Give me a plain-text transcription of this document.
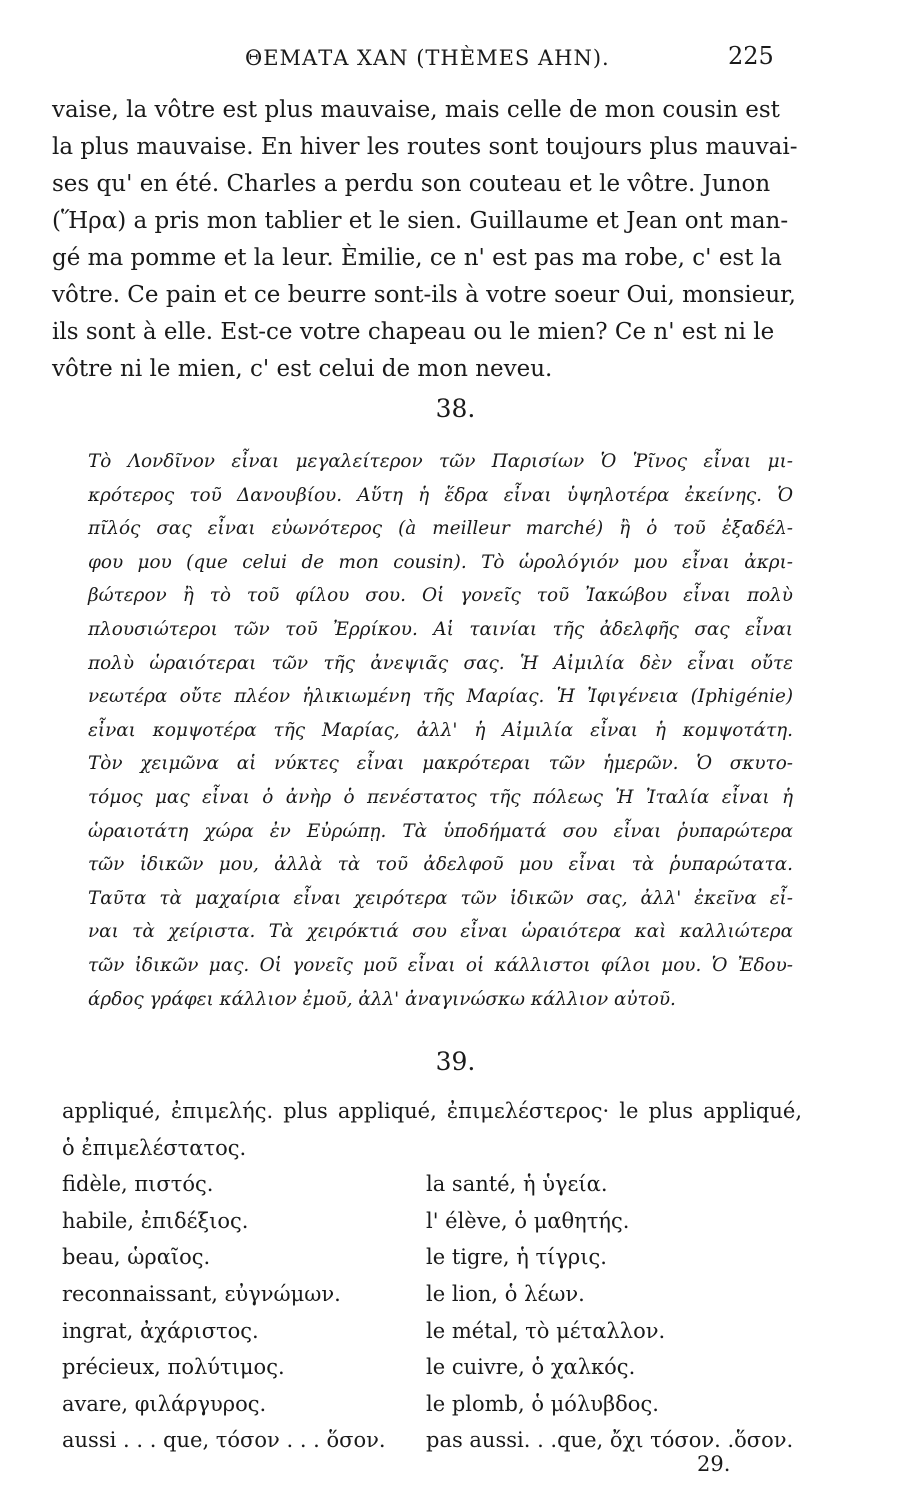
ΘΕΜΑΤΑ ΧΑΝ (THÈMES AHN).	225
vaise, la vôtre est plus mauvaise, mais celle de mon cousin est
la plus mauvaise. En hiver les routes sont toujours plus mauvai-
ses qu' en été. Charles a perdu son couteau et le vôtre. Junon
(Ἥρα) a pris mon tablier et le sien. Guillaume et Jean ont man-
gé ma pomme et la leur. Èmilie, ce n' est pas ma robe, c' est la
vôtre. Ce pain et ce beurre sont-ils à votre soeur Oui, monsieur,
ils sont à elle. Est-ce votre chapeau ou le mien? Ce n' est ni le
vôtre ni le mien, c' est celui de mon neveu.
38.
Τὸ Λονδῖνον εἶναι μεγαλείτερον τῶν Παρισίων Ὁ Ῥῖνος εἶναι μι-
κρότερος τοῦ Δανουβίου. Αὕτη ἡ ἕδρα εἶναι ὑψηλοτέρα ἐκείνης. Ὁ
πῖλός σας εἶναι εὐωνότερος (à meilleur marché) ἢ ὁ τοῦ ἐξαδέλ-
φου μου (que celui de mon cousin). Τὸ ὡρολόγιόν μου εἶναι ἀκρι-
βώτερον ἢ τὸ τοῦ φίλου σου. Οἱ γονεῖς τοῦ Ἰακώβου εἶναι πολὺ
πλουσιώτεροι τῶν τοῦ Ἐρρίκου. Αἱ ταινίαι τῆς ἀδελφῆς σας εἶναι
πολὺ ὡραιότεραι τῶν τῆς ἀνεψιᾶς σας. Ἡ Αἰμιλία δὲν εἶναι οὔτε
νεωτέρα οὔτε πλέον ἡλικιωμένη τῆς Μαρίας. Ἡ Ἰφιγένεια (Iphigénie)
εἶναι κομψοτέρα τῆς Μαρίας, ἀλλ' ἡ Αἰμιλία εἶναι ἡ κομψοτάτη.
Τὸν χειμῶνα αἱ νύκτες εἶναι μακρότεραι τῶν ἡμερῶν. Ὁ σκυτο-
τόμος μας εἶναι ὁ ἀνὴρ ὁ πενέστατος τῆς πόλεως Ἡ Ἰταλία εἶναι ἡ
ὡραιοτάτη χώρα ἐν Εὐρώπῃ. Τὰ ὑποδήματά σου εἶναι ῥυπαρώτερα
τῶν ἰδικῶν μου, ἀλλὰ τὰ τοῦ ἀδελφοῦ μου εἶναι τὰ ῥυπαρώτατα.
Ταῦτα τὰ μαχαίρια εἶναι χειρότερα τῶν ἰδικῶν σας, ἀλλ' ἐκεῖνα εἶ-
ναι τὰ χείριστα. Τὰ χειρόκτιά σου εἶναι ὡραιότερα καὶ καλλιώτερα
τῶν ἰδικῶν μας. Οἱ γονεῖς μοῦ εἶναι οἱ κάλλιστοι φίλοι μου. Ὁ Ἐδου-
άρδος γράφει κάλλιον ἐμοῦ, ἀλλ' ἀναγινώσκω κάλλιον αὐτοῦ.
39.
appliqué, ἐπιμελής. plus appliqué, ἐπιμελέστερος· le plus appliqué,
ὁ ἐπιμελέστατος.
fidèle, πιστός.	la santé, ἡ ὑγεία.
habile, ἐπιδέξιος.	l' élève, ὁ μαθητής.
beau, ὡραῖος.	le tigre, ἡ τίγρις.
reconnaissant, εὐγνώμων.	le lion, ὁ λέων.
ingrat, ἀχάριστος.	le métal, τὸ μέταλλον.
précieux, πολύτιμος.	le cuivre, ὁ χαλκός.
avare, φιλάργυρος.	le plomb, ὁ μόλυβδος.
aussi . . . que, τόσον . . . ὅσον. pas aussi. . .que, ὄχι τόσον. .ὅσον.
29.
